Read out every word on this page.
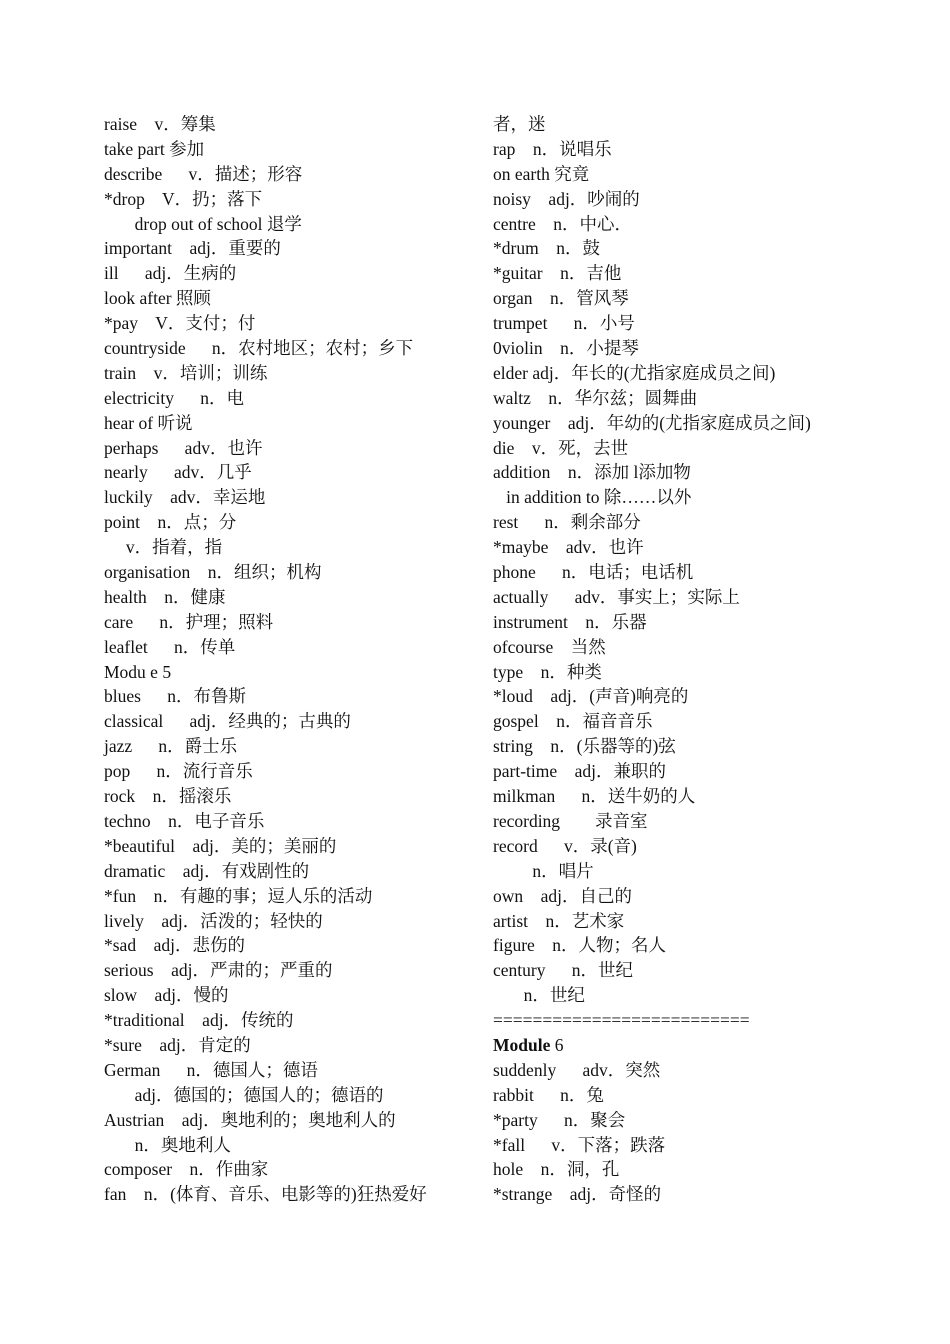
raise    v．筹集
take part 参加
describe      v．描述；形容
*drop    V．扔；落下
drop out of school 退学
important    adj．重要的
ill      adj．生病的
look after 照顾
*pay    V．支付；付
countryside      n．农村地区；农村；乡下
train    v．培训；训练
electricity      n．电
hear of 听说
perhaps      adv．也许
nearly      adv．几乎
luckily    adv．幸运地
point    n．点；分
v．指着，指
organisation    n．组织；机构
health    n．健康
care      n．护理；照料
leaflet      n．传单
Modu e 5
blues      n．布鲁斯
classical      adj．经典的；古典的
jazz      n．爵士乐
pop      n．流行音乐
rock    n．摇滚乐
techno    n．电子音乐
*beautiful    adj．美的；美丽的
dramatic    adj．有戏剧性的
*fun    n．有趣的事；逗人乐的活动
lively    adj．活泼的；轻快的
*sad    adj．悲伤的
serious    adj．严肃的；严重的
slow    adj．慢的
*traditional    adj．传统的
*sure    adj．肯定的
German      n．德国人；德语
adj．德国的；德国人的；德语的
Austrian    adj．奥地利的；奥地利人的
n．奥地利人
composer    n．作曲家
fan    n．(体育、音乐、电影等的)狂热爱好
者，迷
rap    n．说唱乐
on earth 究竟
noisy    adj．吵闹的
centre    n．中心．
*drum    n．鼓
*guitar    n．吉他
organ    n．管风琴
trumpet      n．小号
0violin    n．小提琴
elder adj．年长的(尤指家庭成员之间)
waltz    n．华尔兹；圆舞曲
younger    adj．年幼的(尤指家庭成员之间)
die    v．死，去世
addition    n．添加 l添加物
in addition to 除……以外
rest      n．剩余部分
*maybe    adv．也许
phone      n．电话；电话机
actually      adv．事实上；实际上
instrument    n．乐器
ofcourse    当然
type    n．种类
*loud    adj．(声音)响亮的
gospel    n．福音音乐
string    n．(乐器等的)弦
part-time    adj．兼职的
milkman      n．送牛奶的人
recording        录音室
record      v．录(音)
n．唱片
own    adj．自己的
artist    n．艺术家
figure    n．人物；名人
century      n．世纪
n．世纪
==========================
Module 6
suddenly      adv．突然
rabbit      n．兔
*party      n．聚会
*fall      v．下落；跌落
hole    n．洞，孔
*strange    adj．奇怪的
